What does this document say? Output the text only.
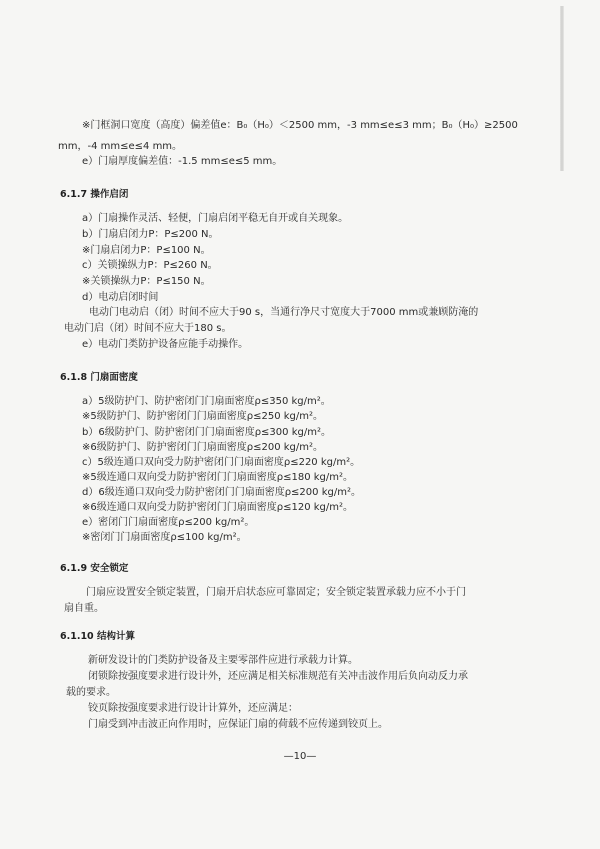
※门框洞口宽度（高度）偏差值e：B₀（H₀）＜2500 mm，-3 mm≤e≤3 mm；B₀（H₀）≥2500
mm，-4 mm≤e≤4 mm。
e）门扇厚度偏差值：-1.5 mm≤e≤5 mm。
6.1.7 操作启闭
a）门扇操作灵活、轻便，门扇启闭平稳无自开或自关现象。
b）门扇启闭力P：P≤200 N。
※门扇启闭力P：P≤100 N。
c）关锁操纵力P：P≤260 N。
※关锁操纵力P：P≤150 N。
d）电动启闭时间
电动门电动启（闭）时间不应大于90 s，当通行净尺寸宽度大于7000 mm或兼顾防淹的
电动门启（闭）时间不应大于180 s。
e）电动门类防护设备应能手动操作。
6.1.8 门扇面密度
a）5级防护门、防护密闭门门扇面密度ρ≤350 kg/m²。
※5级防护门、防护密闭门门扇面密度ρ≤250 kg/m²。
b）6级防护门、防护密闭门门扇面密度ρ≤300 kg/m²。
※6级防护门、防护密闭门门扇面密度ρ≤200 kg/m²。
c）5级连通口双向受力防护密闭门门扇面密度ρ≤220 kg/m²。
※5级连通口双向受力防护密闭门门扇面密度ρ≤180 kg/m²。
d）6级连通口双向受力防护密闭门门扇面密度ρ≤200 kg/m²。
※6级连通口双向受力防护密闭门门扇面密度ρ≤120 kg/m²。
e）密闭门门扇面密度ρ≤200 kg/m²。
※密闭门门扇面密度ρ≤100 kg/m²。
6.1.9 安全锁定
门扇应设置安全锁定装置，门扇开启状态应可靠固定；安全锁定装置承载力应不小于门
扇自重。
6.1.10 结构计算
新研发设计的门类防护设备及主要零部件应进行承载力计算。
闭锁除按强度要求进行设计外，还应满足相关标准规范有关冲击波作用后负向动反力承
载的要求。
铰页除按强度要求进行设计计算外，还应满足：
门扇受到冲击波正向作用时，应保证门扇的荷载不应传递到铰页上。
—10—
